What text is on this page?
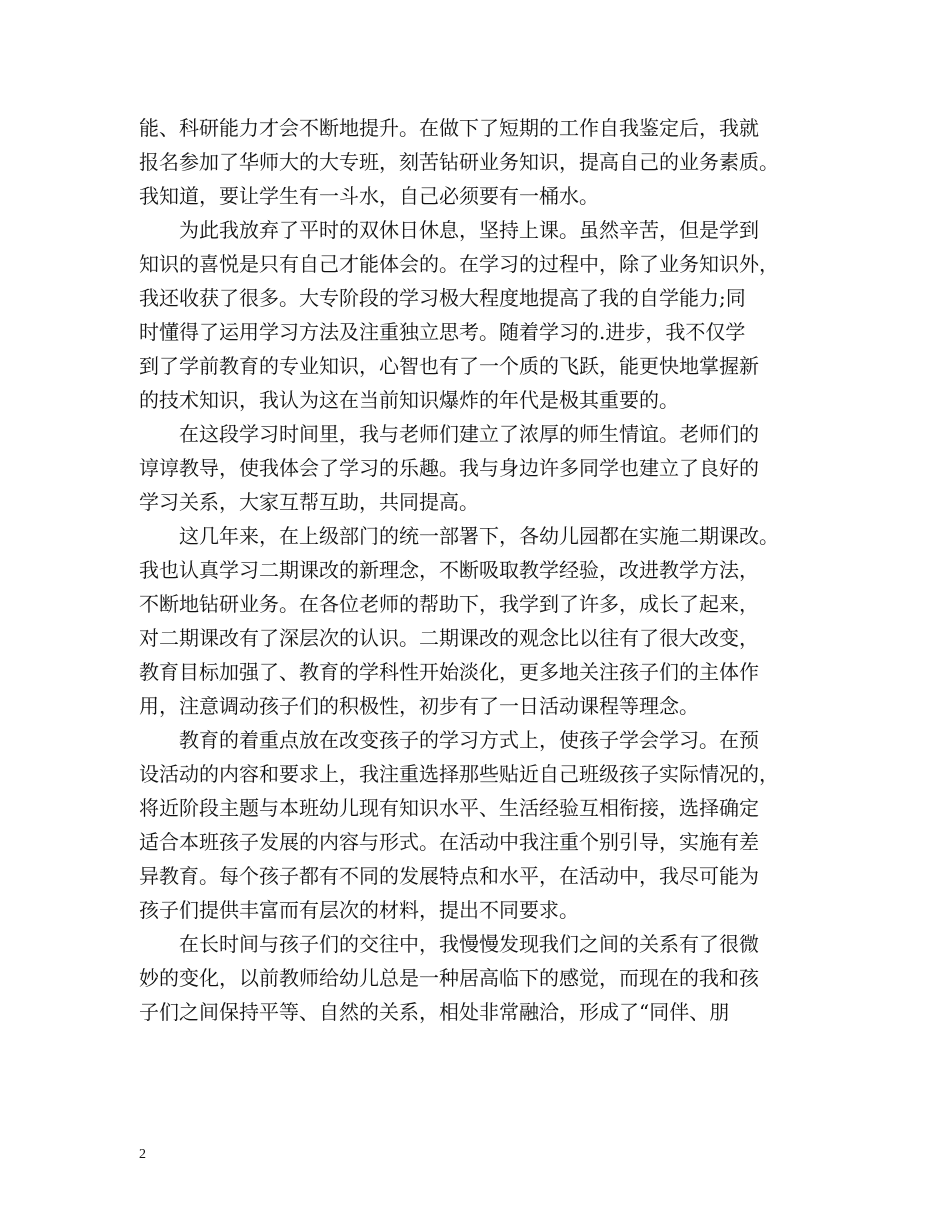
能、科研能力才会不断地提升。在做下了短期的工作自我鉴定后，我就
报名参加了华师大的大专班，刻苦钻研业务知识，提高自己的业务素质。
我知道，要让学生有一斗水，自己必须要有一桶水。
为此我放弃了平时的双休日休息，坚持上课。虽然辛苦，但是学到
知识的喜悦是只有自己才能体会的。在学习的过程中，除了业务知识外，
我还收获了很多。大专阶段的学习极大程度地提高了我的自学能力;同
时懂得了运用学习方法及注重独立思考。随着学习的.进步，我不仅学
到了学前教育的专业知识，心智也有了一个质的飞跃，能更快地掌握新
的技术知识，我认为这在当前知识爆炸的年代是极其重要的。
在这段学习时间里，我与老师们建立了浓厚的师生情谊。老师们的
谆谆教导，使我体会了学习的乐趣。我与身边许多同学也建立了良好的
学习关系，大家互帮互助，共同提高。
这几年来，在上级部门的统一部署下，各幼儿园都在实施二期课改。
我也认真学习二期课改的新理念，不断吸取教学经验，改进教学方法，
不断地钻研业务。在各位老师的帮助下，我学到了许多，成长了起来，
对二期课改有了深层次的认识。二期课改的观念比以往有了很大改变，
教育目标加强了、教育的学科性开始淡化，更多地关注孩子们的主体作
用，注意调动孩子们的积极性，初步有了一日活动课程等理念。
教育的着重点放在改变孩子的学习方式上，使孩子学会学习。在预
设活动的内容和要求上，我注重选择那些贴近自己班级孩子实际情况的，
将近阶段主题与本班幼儿现有知识水平、生活经验互相衔接，选择确定
适合本班孩子发展的内容与形式。在活动中我注重个别引导，实施有差
异教育。每个孩子都有不同的发展特点和水平，在活动中，我尽可能为
孩子们提供丰富而有层次的材料，提出不同要求。
在长时间与孩子们的交往中，我慢慢发现我们之间的关系有了很微
妙的变化，以前教师给幼儿总是一种居高临下的感觉，而现在的我和孩
子们之间保持平等、自然的关系，相处非常融洽，形成了“同伴、朋
2
